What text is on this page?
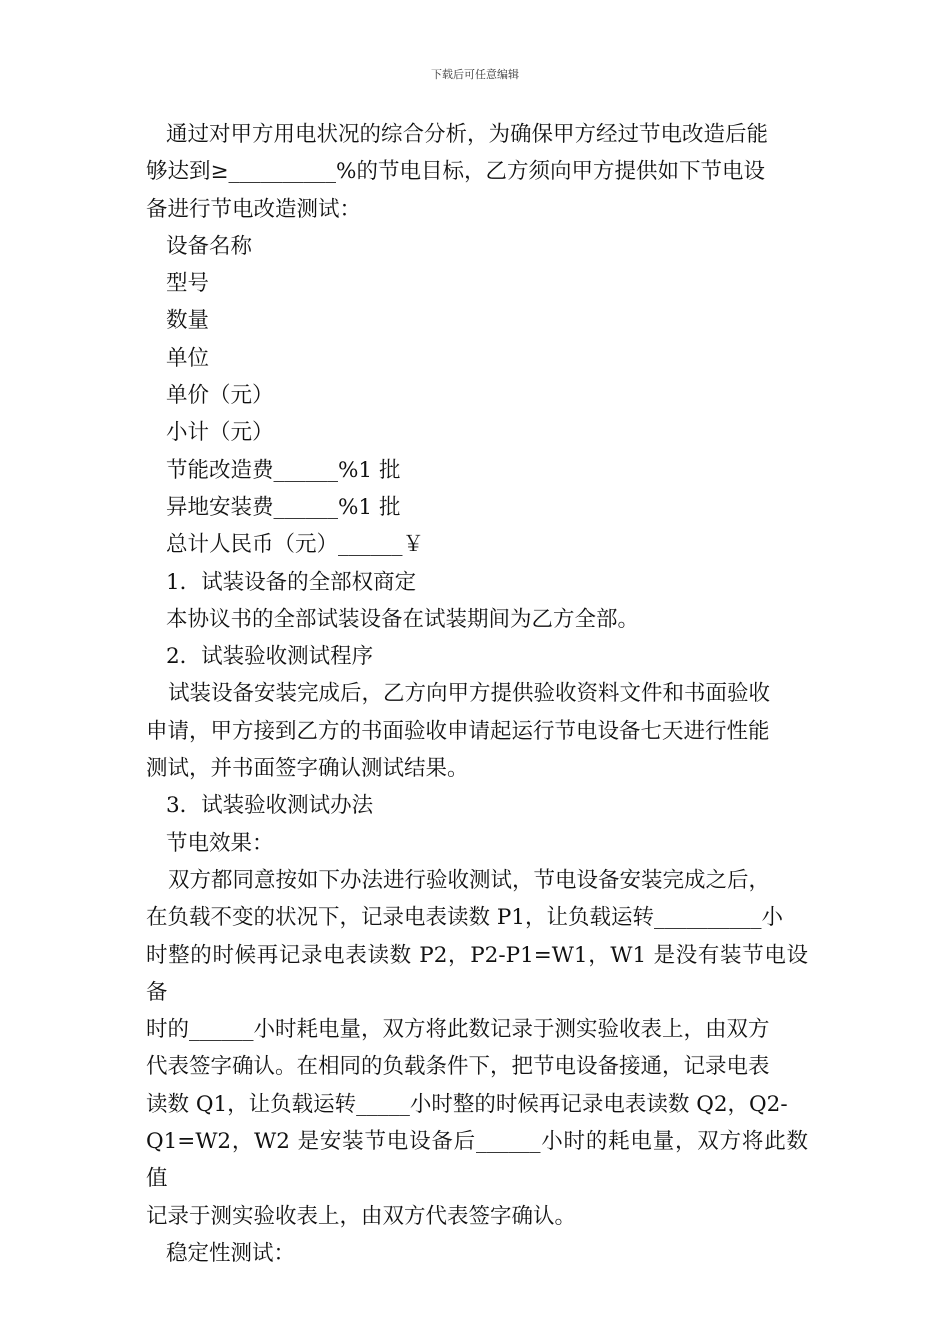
下载后可任意编辑
通过对甲方用电状况的综合分析，为确保甲方经过节电改造后能
够达到≥__________%的节电目标，乙方须向甲方提供如下节电设
备进行节电改造测试：
设备名称
型号
数量
单位
单价（元）
小计（元）
节能改造费______%1 批
异地安装费______%1 批
总计人民币（元）______￥
1．试装设备的全部权商定
本协议书的全部试装设备在试装期间为乙方全部。
2．试装验收测试程序
试装设备安装完成后，乙方向甲方提供验收资料文件和书面验收
申请，甲方接到乙方的书面验收申请起运行节电设备七天进行性能
测试，并书面签字确认测试结果。
3．试装验收测试办法
节电效果：
双方都同意按如下办法进行验收测试，节电设备安装完成之后，
在负载不变的状况下，记录电表读数 P1，让负载运转__________小
时整的时候再记录电表读数 P2，P2-P1=W1，W1 是没有装节电设备
时的______小时耗电量，双方将此数记录于测实验收表上，由双方
代表签字确认。在相同的负载条件下，把节电设备接通，记录电表
读数 Q1，让负载运转_____小时整的时候再记录电表读数 Q2，Q2-
Q1=W2，W2 是安装节电设备后______小时的耗电量，双方将此数值
记录于测实验收表上，由双方代表签字确认。
稳定性测试：
